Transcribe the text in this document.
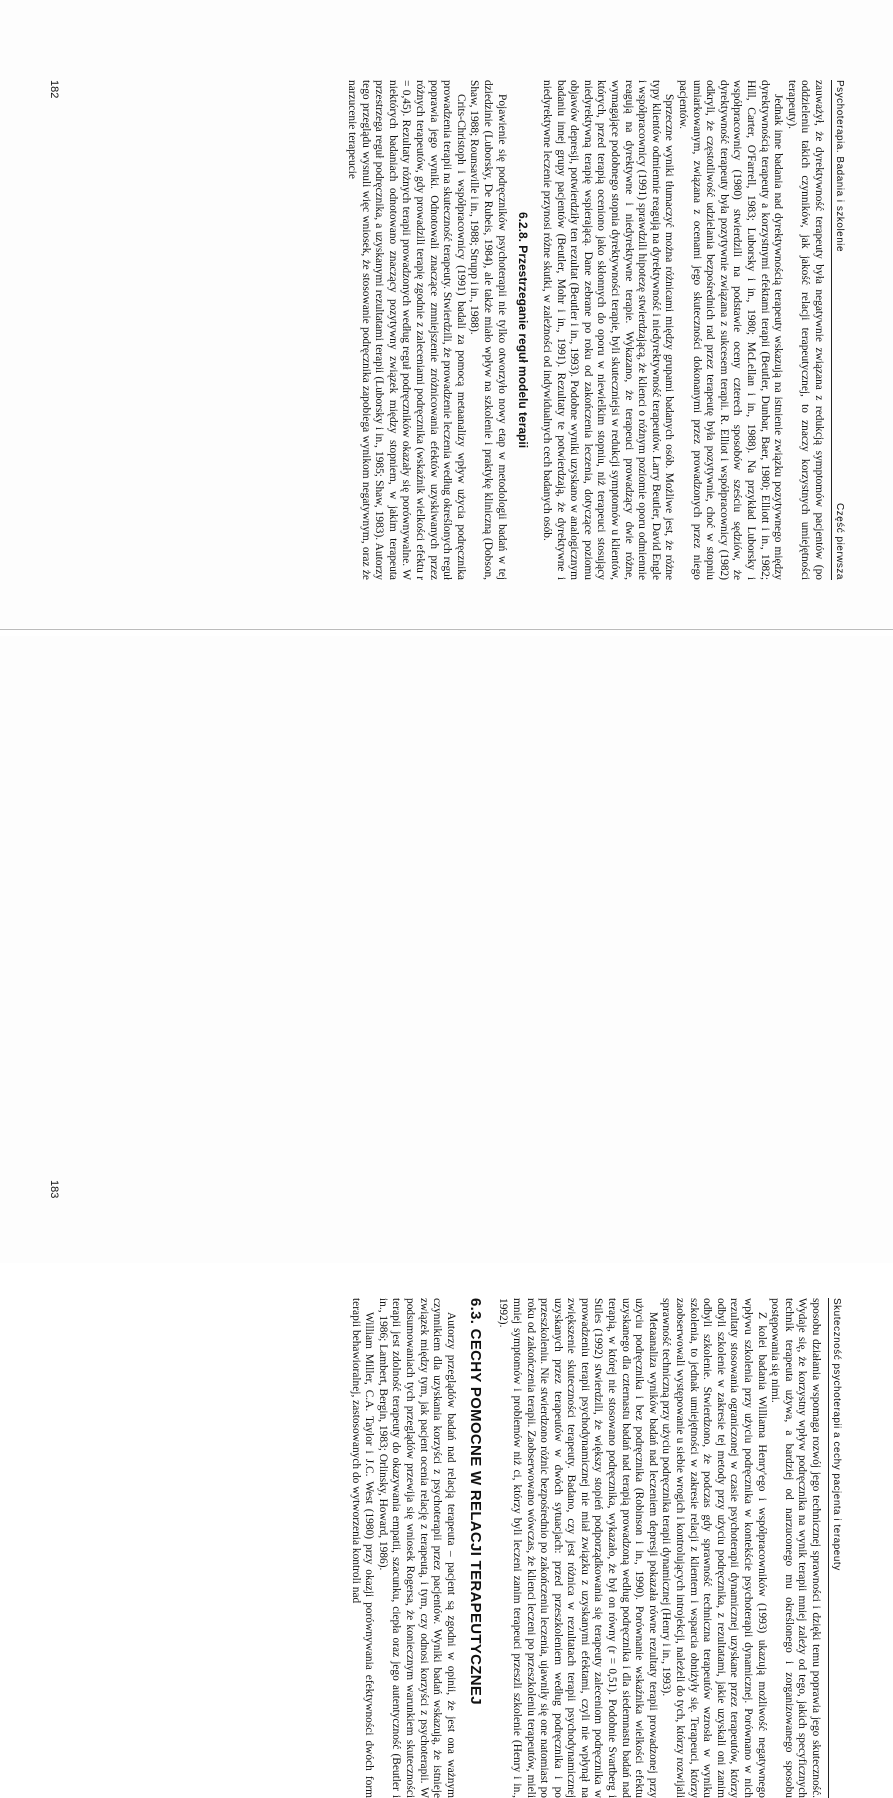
Psychoterapia. Badania i szkolenie
Część pierwsza

zauważył, że dyrektywność terapeuty była negatywnie związana z redukcją symptomów pacjentów (po oddzieleniu takich czynników, jak jakość relacji terapeutycznej, to znaczy korzystnych umiejętności terapeuty).

Jednak inne badania nad dyrektywnością terapeuty wskazują na istnienie związku pozytywnego między dyrektywnością terapeuty a korzystnymi efektami terapii (Beutler, Dunbar, Baer, 1980; Elliott i in., 1982; Hill, Carter, O'Farrell, 1983; Luborsky i in., 1980; McLellan i in., 1988). Na przykład Luborsky i współpracownicy (1980) stwierdzili na podstawie oceny czterech sposobów sześciu sędziów, że dyrektywność terapeuty była pozytywnie związana z sukcesem terapii. R. Elliot i współpracownicy (1982) odkryli, że częstotliwość udzielania bezpośrednich rad przez terapeutę była pozytywnie, choć w stopniu umiarkowanym, związana z ocenami jego skuteczności dokonanymi przez prowadzonych przez niego pacjentów.

Sprzeczne wyniki tłumaczyć można różnicami między grupami badanych osób. Możliwe jest, że różne typy klientów odmiennie reagują na dyrektywność i niedyrektywność terapeutów. Larry Beutler, David Engle i współpracownicy (1991) sprawdzili hipotezę stwierdzającą, że klienci o różnym poziomie oporu odmiennie reagują na dyrektywne i niedyrektywne terapie. Wykazano, że terapeuci prowadzący dwie różne, wymagające podobnego stopnia dyrektywności terapie, byli skuteczniejsi w redukcji symptomów u klientów, których, przed terapią oceniono jako skłonnych do oporu w niewielkim stopniu, niż terapeuci stosujący niedyrektywną terapię wspierającą. Dane zebrane po roku od zakończenia leczenia, dotyczące poziomu objawów depresji, potwierdziły ten rezultat (Beutler i in., 1993). Podobne wyniki uzyskano w analogicznym badaniu innej grupy pacjentów (Beutler, Mohr i in., 1991). Rezultaty te potwierdzają, że dyrektywne i niedyrektywne leczenie przynosi różne skutki, w zależności od indywidualnych cech badanych osób.

6.2.8. Przestrzeganie reguł modelu terapii

Pojawienie się podręczników psychoterapii nie tylko otworzyło nowy etap w metodologii badań w tej dziedzinie (Luborsky, De Rubeis, 1984), ale także miało wpływ na szkolenie i praktykę kliniczną (Dobson, Shaw, 1988; Rounsaville i in., 1988; Strupp i in., 1988).

Crits-Christoph i współpracownicy (1991) badali za pomocą metaanalizy wpływ użycia podręcznika prowadzenia terapii na skuteczność terapeuty. Stwierdzili, że prowadzenie leczenia według określonych reguł poprawia jego wyniki. Odnotowali znaczące zmniejszenie zróżnicowania efektów uzyskiwanych przez różnych terapeutów, gdy prowadzili terapię zgodnie z zaleceniami podręcznika (wskaźnik wielkości efektu r = 0,45). Rezultaty różnych terapii prowadzonych według reguł podręczników okazały się porównywalne. W niektórych badaniach odnotowano znaczący pozytywny związek między stopniem, w jakim terapeuta przestrzega reguł podręcznika, a uzyskanymi rezultatami terapii (Luborsky i in., 1985; Shaw, 1983). Autorzy tego przeglądu wysnuli więc wniosek, że stosowanie podręcznika zapobiega wynikom negatywnym, oraz że narzucenie terapeucie

182
Skuteczność psychoterapii a cechy pacjenta i terapeuty

sposobu działania wspomaga rozwój jego technicznej sprawności i dzięki temu poprawia jego skuteczność. Wydaje się, że korzystny wpływ podręcznika na wynik terapii mniej zależy od tego, jakich specyficznych technik terapeuta używa, a bardziej od narzuconego mu określonego i zorganizowanego sposobu postępowania się nimi.

Z kolei badania Williama Henry'ego i współpracowników (1993) ukazują możliwość negatywnego wpływu szkolenia przy użyciu podręcznika w kontekście psychoterapii dynamicznej. Porównano w nich rezultaty stosowania ograniczonej w czasie psychoterapii dynamicznej uzyskane przez terapeutów, którzy odbyli szkolenie w zakresie tej metody przy użyciu podręcznika, z rezultatami, jakie uzyskali oni zanim odbyli szkolenie. Stwierdzono, że podczas gdy sprawność techniczna terapeutów wzrosła w wyniku szkolenia, to jednak umiejętności w zakresie relacji z klientem i wsparcia obniżyły się. Terapeuci, którzy zaobserwowali występowanie u siebie wrogich i kontrolujących introjekcji, należeli do tych, którzy rozwijali sprawność techniczną przy użyciu podręcznika terapii dynamicznej (Henry i in., 1993).

Metaanaliza wyników badań nad leczeniem depresji pokazała równe rezultaty terapii prowadzonej przy użyciu podręcznika i bez podręcznika (Robinson i in., 1990). Porównanie wskaźnika wielkości efektu uzyskanego dla czternastu badań nad terapią prowadzoną według podręcznika i dla siedemnastu badań nad terapią, w której nie stosowano podręcznika, wykazało, że był on równy (r = 0,51). Podobnie Svartberg i Stiles (1992) stwierdzili, że większy stopień podporządkowania się terapeuty zaleceniom podręcznika w prowadzeniu terapii psychodynamicznej nie miał związku z uzyskanymi efektami, czyli nie wpłynął na zwiększenie skuteczności terapeuty. Badano, czy jest różnica w rezultatach terapii psychodynamicznej uzyskanych przez terapeutów w dwóch sytuacjach: przed przeszkoleniem według podręcznika i po przeszkoleniu. Nie stwierdzono różnic bezpośrednio po zakończeniu leczenia, ujawniły się one natomiast po roku od zakończenia terapii. Zaobserwowano wówczas, że klienci leczeni po przeszkoleniu terapeutów, mieli mniej symptomów i problemów niż ci, którzy byli leczeni zanim terapeuci przeszli szkolenie (Henry i in., 1992).

6.3. CECHY POMOCNE W RELACJI TERAPEUTYCZNEJ

Autorzy przeglądów badań nad relacją terapeuta – pacjent są zgodni w opinii, że jest ona ważnym czynnikiem dla uzyskania korzyści z psychoterapii przez pacjentów. Wyniki badań wskazują, że istnieje związek między tym, jak pacjent ocenia relację z terapeutą, i tym, czy odnosi korzyści z psychoterapii. W podsumowaniach tych przeglądów przewija się wniosek Rogersa, że koniecznym warunkiem skuteczności terapii jest zdolność terapeuty do okazywania empatii, szacunku, ciepła oraz jego autentyczność (Beutler i in., 1986; Lambert, Bergin, 1983; Orlinsky, Howard, 1986).

William Miller, C.A. Taylor i J.C. West (1980) przy okazji porównywania efektywności dwóch form terapii behawioralnej, zastosowanych do wytworzenia kontroli nad

183
